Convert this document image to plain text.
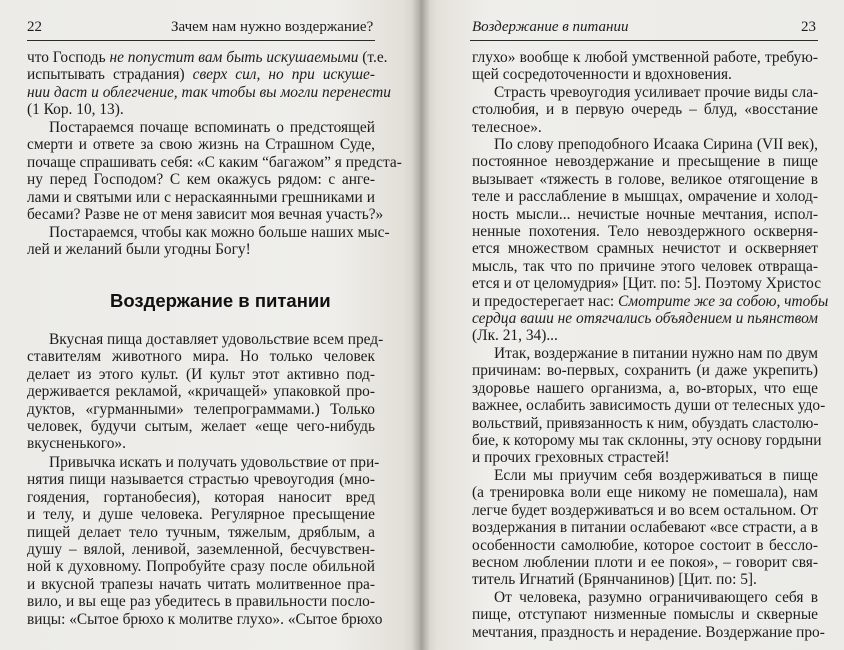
22	Зачем нам нужно воздержание?
что Господь не попустит вам быть искушаемыми (т.е.
испытывать страдания) сверх сил, но при искуше-
нии даст и облегчение, так чтобы вы могли перенести
(1 Кор. 10, 13).
Постараемся почаще вспоминать о предстоящей
смерти и ответе за свою жизнь на Страшном Суде,
почаще спрашивать себя: «С каким “багажом” я предста-
ну перед Господом? С кем окажусь рядом: с анге-
лами и святыми или с нераскаянными грешниками и
бесами? Разве не от меня зависит моя вечная участь?»
Постараемся, чтобы как можно больше наших мыс-
лей и желаний были угодны Богу!
Воздержание в питании
Вкусная пища доставляет удовольствие всем пред-
ставителям животного мира. Но только человек
делает из этого культ. (И культ этот активно под-
держивается рекламой, «кричащей» упаковкой про-
дуктов, «гурманными» телепрограммами.) Только
человек, будучи сытым, желает «еще чего-нибудь
вкусненького».
Привычка искать и получать удовольствие от при-
нятия пищи называется страстью чревоугодия (мно-
гоядения, гортанобесия), которая наносит вред
и телу, и душе человека. Регулярное пресыщение
пищей делает тело тучным, тяжелым, дряблым, а
душу – вялой, ленивой, заземленной, бесчувствен-
ной к духовному. Попробуйте сразу после обильной
и вкусной трапезы начать читать молитвенное пра-
вило, и вы еще раз убедитесь в правильности посло-
вицы: «Сытое брюхо к молитве глухо». «Сытое брюхо
Воздержание в питании	23
глухо» вообще к любой умственной работе, требую-
щей сосредоточенности и вдохновения.
Страсть чревоугодия усиливает прочие виды сла-
столюбия, и в первую очередь – блуд, «восстание
телесное».
По слову преподобного Исаака Сирина (VII век),
постоянное невоздержание и пресыщение в пище
вызывает «тяжесть в голове, великое отягощение в
теле и расслабление в мышцах, омрачение и холод-
ность мысли... нечистые ночные мечтания, испол-
ненные похотения. Тело невоздержного оскверня-
ется множеством срамных нечистот и оскверняет
мысль, так что по причине этого человек отвраща-
ется и от целомудрия» [Цит. по: 5]. Поэтому Христос
и предостерегает нас: Смотрите же за собою, чтобы
сердца ваши не отягчались объядением и пьянством
(Лк. 21, 34)...
Итак, воздержание в питании нужно нам по двум
причинам: во-первых, сохранить (и даже укрепить)
здоровье нашего организма, а, во-вторых, что еще
важнее, ослабить зависимость души от телесных удо-
вольствий, привязанность к ним, обуздать сластолю-
бие, к которому мы так склонны, эту основу гордыни
и прочих греховных страстей!
Если мы приучим себя воздерживаться в пище
(а тренировка воли еще никому не помешала), нам
легче будет воздерживаться и во всем остальном. От
воздержания в питании ослабевают «все страсти, а в
особенности самолюбие, которое состоит в бессло-
весном люблении плоти и ее покоя», – говорит свя-
титель Игнатий (Брянчанинов) [Цит. по: 5].
От человека, разумно ограничивающего себя в
пище, отступают низменные помыслы и скверные
мечтания, праздность и нерадение. Воздержание про-
